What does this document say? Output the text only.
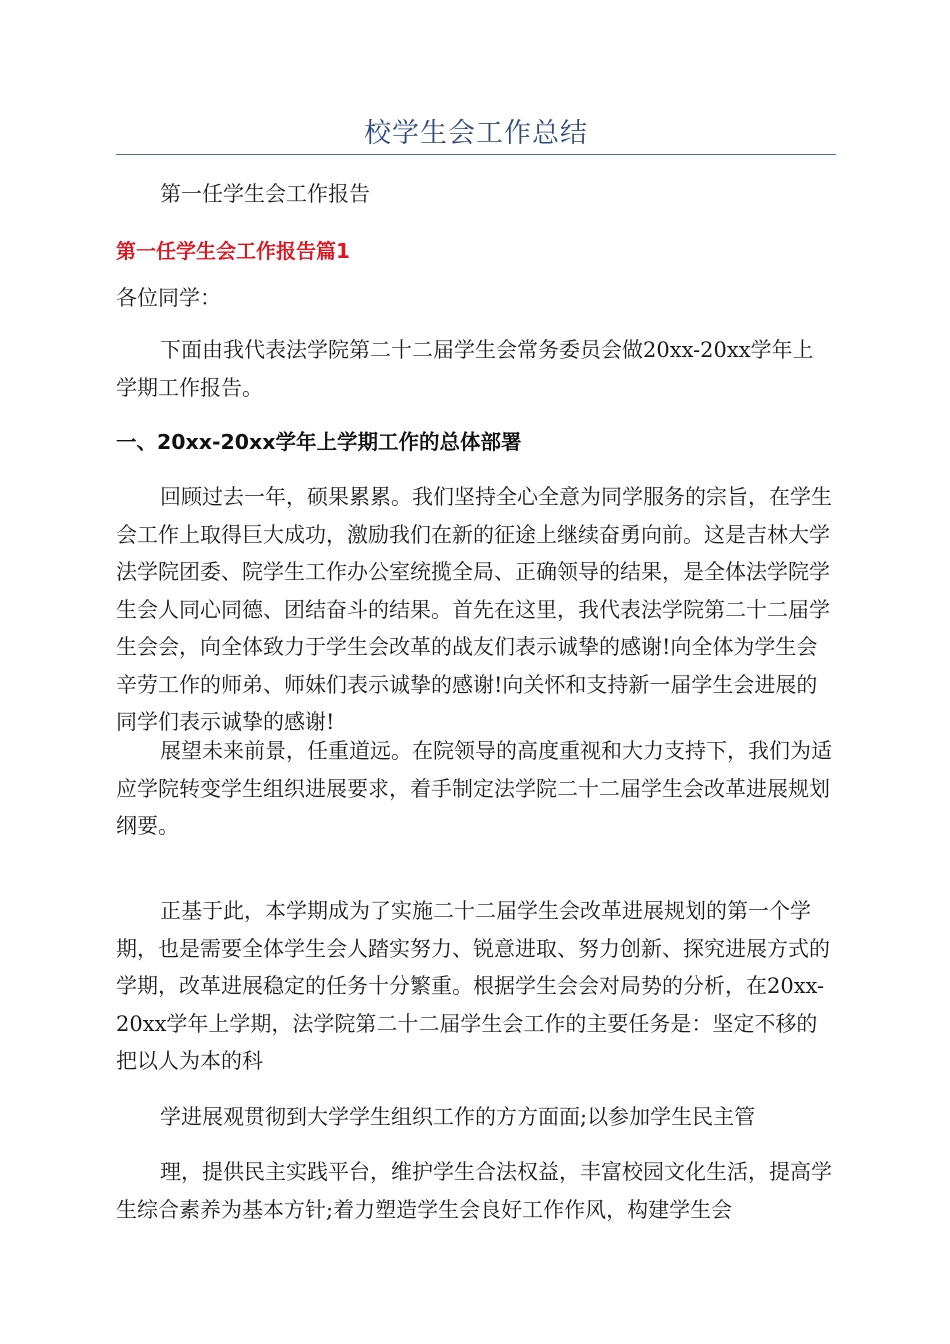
校学生会工作总结

第一任学生会工作报告

第一任学生会工作报告篇1

各位同学：

下面由我代表法学院第二十二届学生会常务委员会做20xx-20xx学年上学期工作报告。

一、20xx-20xx学年上学期工作的总体部署

回顾过去一年，硕果累累。我们坚持全心全意为同学服务的宗旨，在学生会工作上取得巨大成功，激励我们在新的征途上继续奋勇向前。这是吉林大学法学院团委、院学生工作办公室统揽全局、正确领导的结果，是全体法学院学生会人同心同德、团结奋斗的结果。首先在这里，我代表法学院第二十二届学生会会，向全体致力于学生会改革的战友们表示诚挚的感谢!向全体为学生会辛劳工作的师弟、师妹们表示诚挚的感谢!向关怀和支持新一届学生会进展的同学们表示诚挚的感谢!

展望未来前景，任重道远。在院领导的高度重视和大力支持下，我们为适应学院转变学生组织进展要求，着手制定法学院二十二届学生会改革进展规划纲要。

正基于此，本学期成为了实施二十二届学生会改革进展规划的第一个学期，也是需要全体学生会人踏实努力、锐意进取、努力创新、探究进展方式的学期，改革进展稳定的任务十分繁重。根据学生会会对局势的分析，在20xx-20xx学年上学期，法学院第二十二届学生会工作的主要任务是：坚定不移的把以人为本的科

学进展观贯彻到大学学生组织工作的方方面面;以参加学生民主管

理，提供民主实践平台，维护学生合法权益，丰富校园文化生活，提高学生综合素养为基本方针;着力塑造学生会良好工作作风，构建学生会
